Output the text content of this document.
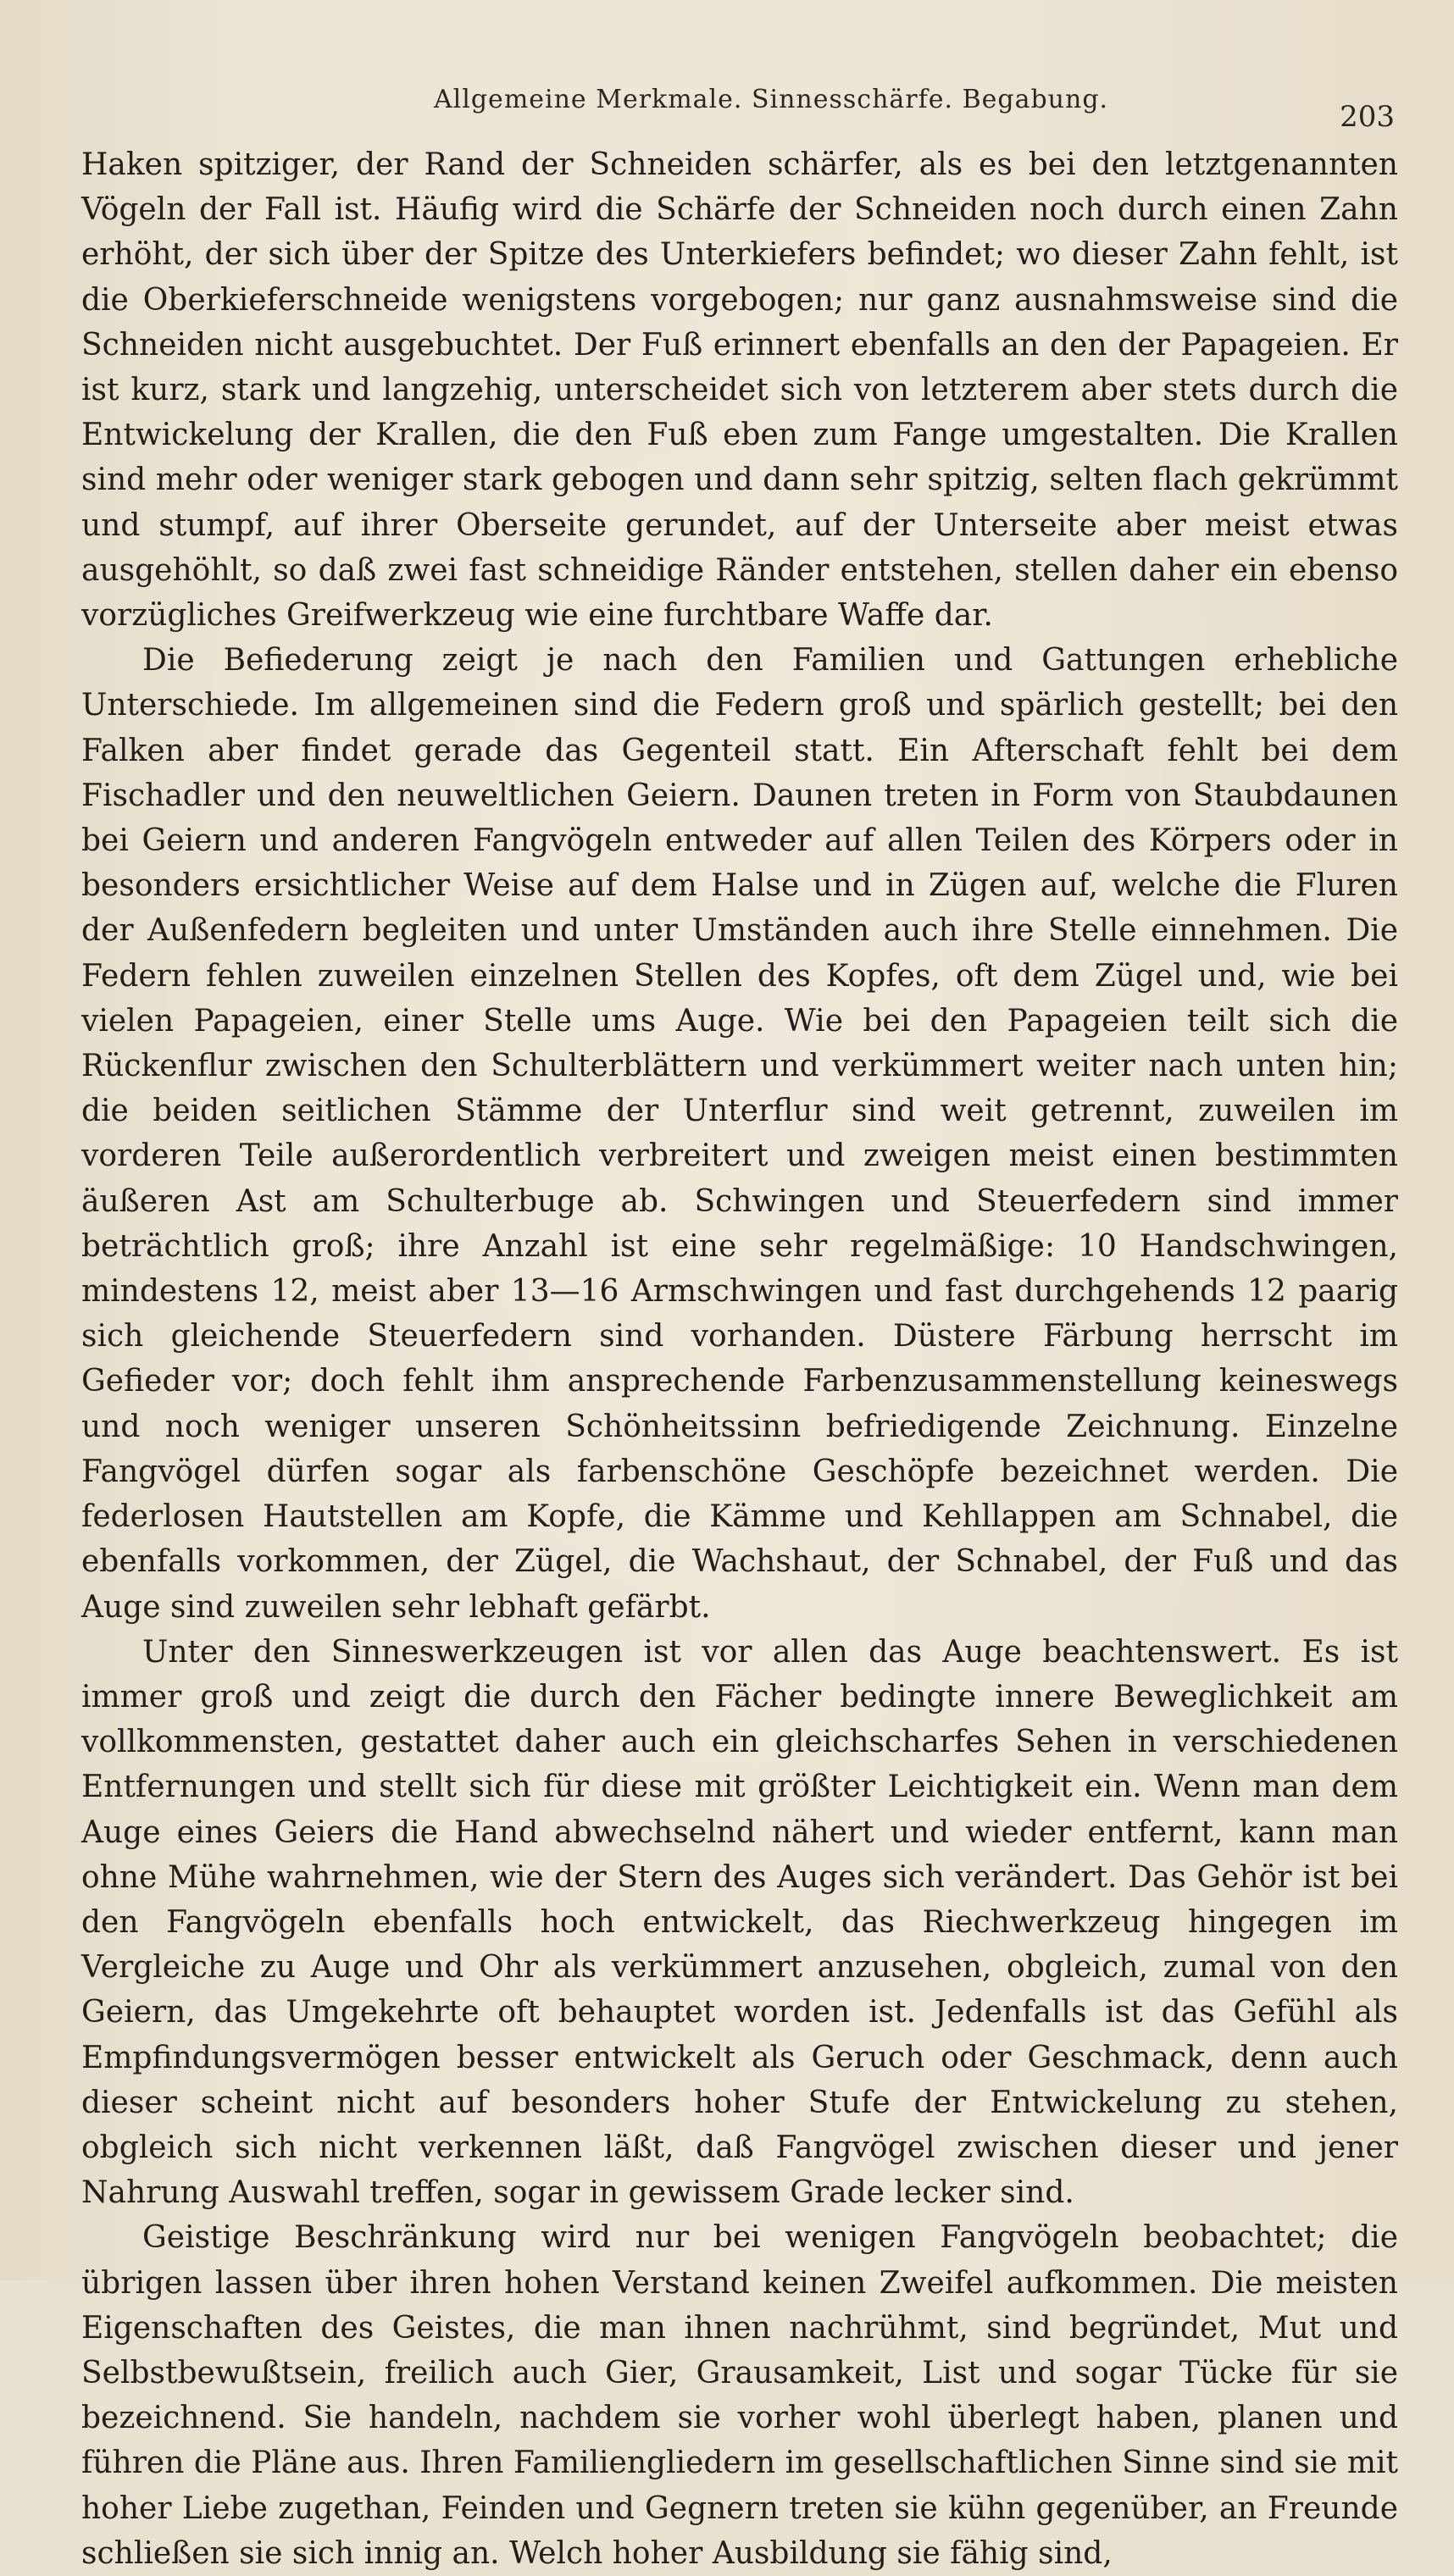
Allgemeine Merkmale. Sinnesschärfe. Begabung.
203

Haken spitziger, der Rand der Schneiden schärfer, als es bei den letztgenannten Vögeln der Fall ist. Häufig wird die Schärfe der Schneiden noch durch einen Zahn erhöht, der sich über der Spitze des Unterkiefers befindet; wo dieser Zahn fehlt, ist die Oberkieferschneide wenigstens vorgebogen; nur ganz ausnahmsweise sind die Schneiden nicht ausgebuchtet. Der Fuß erinnert ebenfalls an den der Papageien. Er ist kurz, stark und langzehig, unterscheidet sich von letzterem aber stets durch die Entwickelung der Krallen, die den Fuß eben zum Fange umgestalten. Die Krallen sind mehr oder weniger stark gebogen und dann sehr spitzig, selten flach gekrümmt und stumpf, auf ihrer Oberseite gerundet, auf der Unterseite aber meist etwas ausgehöhlt, so daß zwei fast schneidige Ränder entstehen, stellen daher ein ebenso vorzügliches Greifwerkzeug wie eine furchtbare Waffe dar.

Die Befiederung zeigt je nach den Familien und Gattungen erhebliche Unterschiede. Im allgemeinen sind die Federn groß und spärlich gestellt; bei den Falken aber findet gerade das Gegenteil statt. Ein Afterschaft fehlt bei dem Fischadler und den neuweltlichen Geiern. Daunen treten in Form von Staubdaunen bei Geiern und anderen Fangvögeln entweder auf allen Teilen des Körpers oder in besonders ersichtlicher Weise auf dem Halse und in Zügen auf, welche die Fluren der Außenfedern begleiten und unter Umständen auch ihre Stelle einnehmen. Die Federn fehlen zuweilen einzelnen Stellen des Kopfes, oft dem Zügel und, wie bei vielen Papageien, einer Stelle ums Auge. Wie bei den Papageien teilt sich die Rückenflur zwischen den Schulterblättern und verkümmert weiter nach unten hin; die beiden seitlichen Stämme der Unterflur sind weit getrennt, zuweilen im vorderen Teile außerordentlich verbreitert und zweigen meist einen bestimmten äußeren Ast am Schulterbuge ab. Schwingen und Steuerfedern sind immer beträchtlich groß; ihre Anzahl ist eine sehr regelmäßige: 10 Handschwingen, mindestens 12, meist aber 13—16 Armschwingen und fast durchgehends 12 paarig sich gleichende Steuerfedern sind vorhanden. Düstere Färbung herrscht im Gefieder vor; doch fehlt ihm ansprechende Farbenzusammenstellung keineswegs und noch weniger unseren Schönheitssinn befriedigende Zeichnung. Einzelne Fangvögel dürfen sogar als farbenschöne Geschöpfe bezeichnet werden. Die federlosen Hautstellen am Kopfe, die Kämme und Kehllappen am Schnabel, die ebenfalls vorkommen, der Zügel, die Wachshaut, der Schnabel, der Fuß und das Auge sind zuweilen sehr lebhaft gefärbt.

Unter den Sinneswerkzeugen ist vor allen das Auge beachtenswert. Es ist immer groß und zeigt die durch den Fächer bedingte innere Beweglichkeit am vollkommensten, gestattet daher auch ein gleichscharfes Sehen in verschiedenen Entfernungen und stellt sich für diese mit größter Leichtigkeit ein. Wenn man dem Auge eines Geiers die Hand abwechselnd nähert und wieder entfernt, kann man ohne Mühe wahrnehmen, wie der Stern des Auges sich verändert. Das Gehör ist bei den Fangvögeln ebenfalls hoch entwickelt, das Riechwerkzeug hingegen im Vergleiche zu Auge und Ohr als verkümmert anzusehen, obgleich, zumal von den Geiern, das Umgekehrte oft behauptet worden ist. Jedenfalls ist das Gefühl als Empfindungsvermögen besser entwickelt als Geruch oder Geschmack, denn auch dieser scheint nicht auf besonders hoher Stufe der Entwickelung zu stehen, obgleich sich nicht verkennen läßt, daß Fangvögel zwischen dieser und jener Nahrung Auswahl treffen, sogar in gewissem Grade lecker sind.

Geistige Beschränkung wird nur bei wenigen Fangvögeln beobachtet; die übrigen lassen über ihren hohen Verstand keinen Zweifel aufkommen. Die meisten Eigenschaften des Geistes, die man ihnen nachrühmt, sind begründet, Mut und Selbstbewußtsein, freilich auch Gier, Grausamkeit, List und sogar Tücke für sie bezeichnend. Sie handeln, nachdem sie vorher wohl überlegt haben, planen und führen die Pläne aus. Ihren Familiengliedern im gesellschaftlichen Sinne sind sie mit hoher Liebe zugethan, Feinden und Gegnern treten sie kühn gegenüber, an Freunde schließen sie sich innig an. Welch hoher Ausbildung sie fähig sind,
